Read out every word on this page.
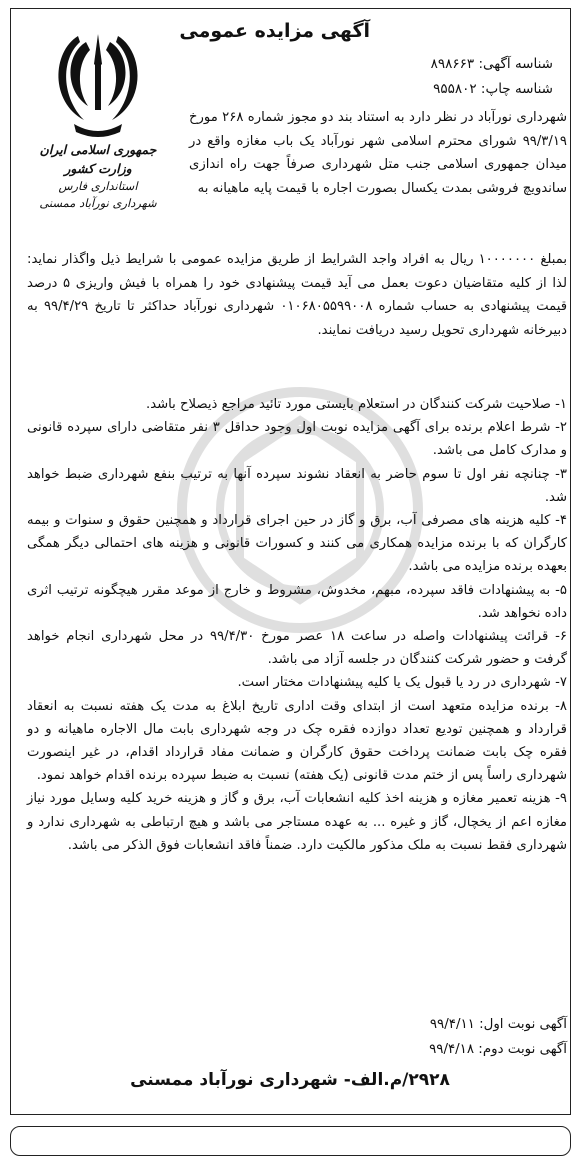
جمهوری اسلامی ایران
وزارت کشور
استانداری فارس
شهرداری نورآباد ممسنی
آگهی مزایده عمومی
شناسه آگهی: ۸۹۸۶۶۳
شناسه چاپ: ۹۵۵۸۰۲
شهرداری نورآباد در نظر دارد به استناد بند دو مجوز شماره ۲۶۸ مورخ ۹۹/۳/۱۹ شورای محترم اسلامی شهر نورآباد یک باب مغازه واقع در میدان جمهوری اسلامی جنب متل شهرداری صرفاً جهت راه اندازی ساندویچ فروشی بمدت یکسال بصورت اجاره با قیمت پایه ماهیانه به
بمبلغ ۱۰۰۰۰۰۰۰ ریال به افراد واجد الشرایط از طریق مزایده عمومی با شرایط ذیل واگذار نماید: لذا از کلیه متقاضیان دعوت بعمل می آید قیمت پیشنهادی خود را همراه با فیش واریزی ۵ درصد قیمت پیشنهادی به حساب شماره ۰۱۰۶۸۰۵۵۹۹۰۰۸ شهرداری نورآباد حداکثر تا تاریخ ۹۹/۴/۲۹ به دبیرخانه شهرداری تحویل رسید دریافت نمایند.
۱- صلاحیت شرکت کنندگان در استعلام بایستی مورد تائید مراجع ذیصلاح باشد.
۲- شرط اعلام برنده برای آگهی مزایده نوبت اول وجود حداقل ۳ نفر متقاضی دارای سپرده قانونی و مدارک کامل می باشد.
۳- چنانچه نفر اول تا سوم حاضر به انعقاد نشوند سپرده آنها به ترتیب بنفع شهرداری ضبط خواهد شد.
۴- کلیه هزینه های مصرفی آب، برق و گاز در حین اجرای قرارداد و همچنین حقوق و سنوات و بیمه کارگران که با برنده مزایده همکاری می کنند و کسورات قانونی و هزینه های احتمالی دیگر همگی بعهده برنده مزایده می باشد.
۵- به پیشنهادات فاقد سپرده، مبهم، مخدوش، مشروط و خارج از موعد مقرر هیچگونه ترتیب اثری داده نخواهد شد.
۶- قرائت پیشنهادات واصله در ساعت ۱۸ عصر مورخ ۹۹/۴/۳۰ در محل شهرداری انجام خواهد گرفت و حضور شرکت کنندگان در جلسه آزاد می باشد.
۷- شهرداری در رد یا قبول یک یا کلیه پیشنهادات مختار است.
۸- برنده مزایده متعهد است از ابتدای وقت اداری تاریخ ابلاغ به مدت یک هفته نسبت به انعقاد قرارداد و همچنین تودیع تعداد دوازده فقره چک در وجه شهرداری بابت مال الاجاره ماهیانه و دو فقره چک بابت ضمانت پرداخت حقوق کارگران و ضمانت مفاد قرارداد اقدام، در غیر اینصورت شهرداری راساً پس از ختم مدت قانونی (یک هفته) نسبت به ضبط سپرده برنده اقدام خواهد نمود.
۹- هزینه تعمیر مغازه و هزینه اخذ کلیه انشعابات آب، برق و گاز و هزینه خرید کلیه وسایل مورد نیاز مغازه اعم از یخچال، گاز و غیره ... به عهده مستاجر می باشد و هیچ ارتباطی به شهرداری ندارد و شهرداری فقط نسبت به ملک مذکور مالکیت دارد. ضمناً فاقد انشعابات فوق الذکر می باشد.
آگهی نوبت اول: ۹۹/۴/۱۱
آگهی نوبت دوم: ۹۹/۴/۱۸
۲۹۲۸/م.الف- شهرداری نورآباد ممسنی
